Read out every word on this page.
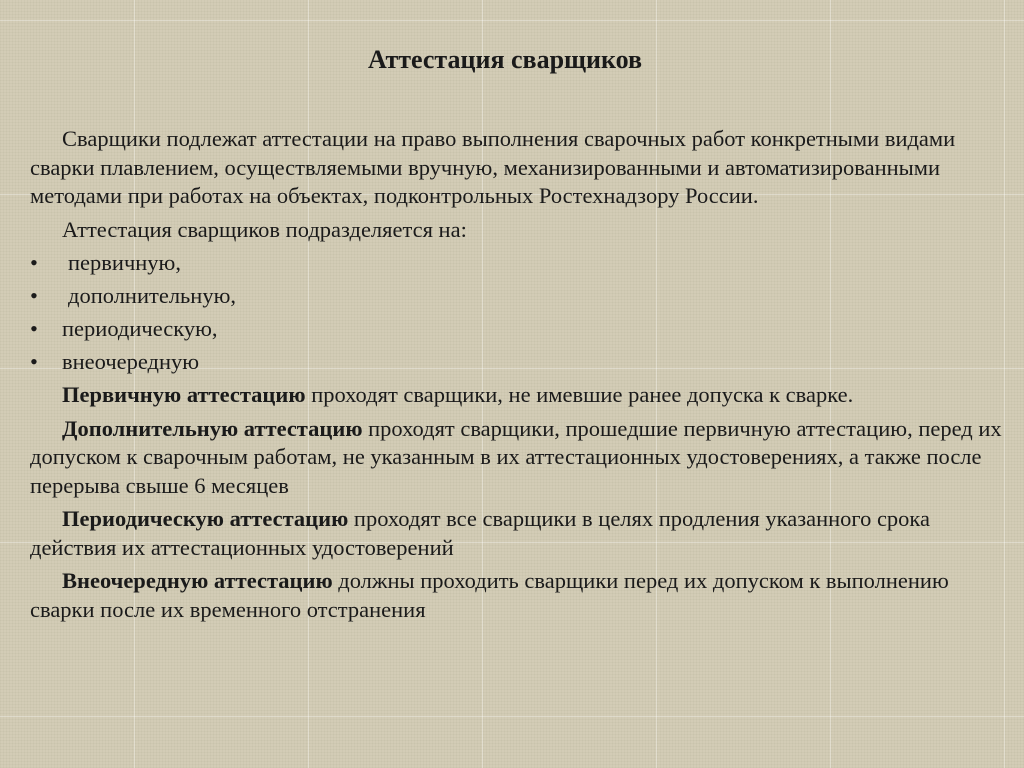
Аттестация сварщиков

Сварщики подлежат аттестации на право выполнения сварочных работ конкретными видами сварки плавлением, осуществляемыми вручную, механизированными и автоматизированными методами при работах на объектах, подконтрольных Ростехнадзору России.

Аттестация сварщиков подразделяется на:

• первичную,
• дополнительную,
• периодическую,
• внеочередную

Первичную аттестацию проходят сварщики, не имевшие ранее допуска к сварке.

Дополнительную аттестацию проходят сварщики, прошедшие первичную аттестацию, перед их допуском к сварочным работам, не указанным в их аттестационных удостоверениях, а также после перерыва свыше 6 месяцев

Периодическую аттестацию проходят все сварщики в целях продления указанного срока действия их аттестационных удостоверений

Внеочередную аттестацию должны проходить сварщики перед их допуском к выполнению сварки после их временного отстранения
